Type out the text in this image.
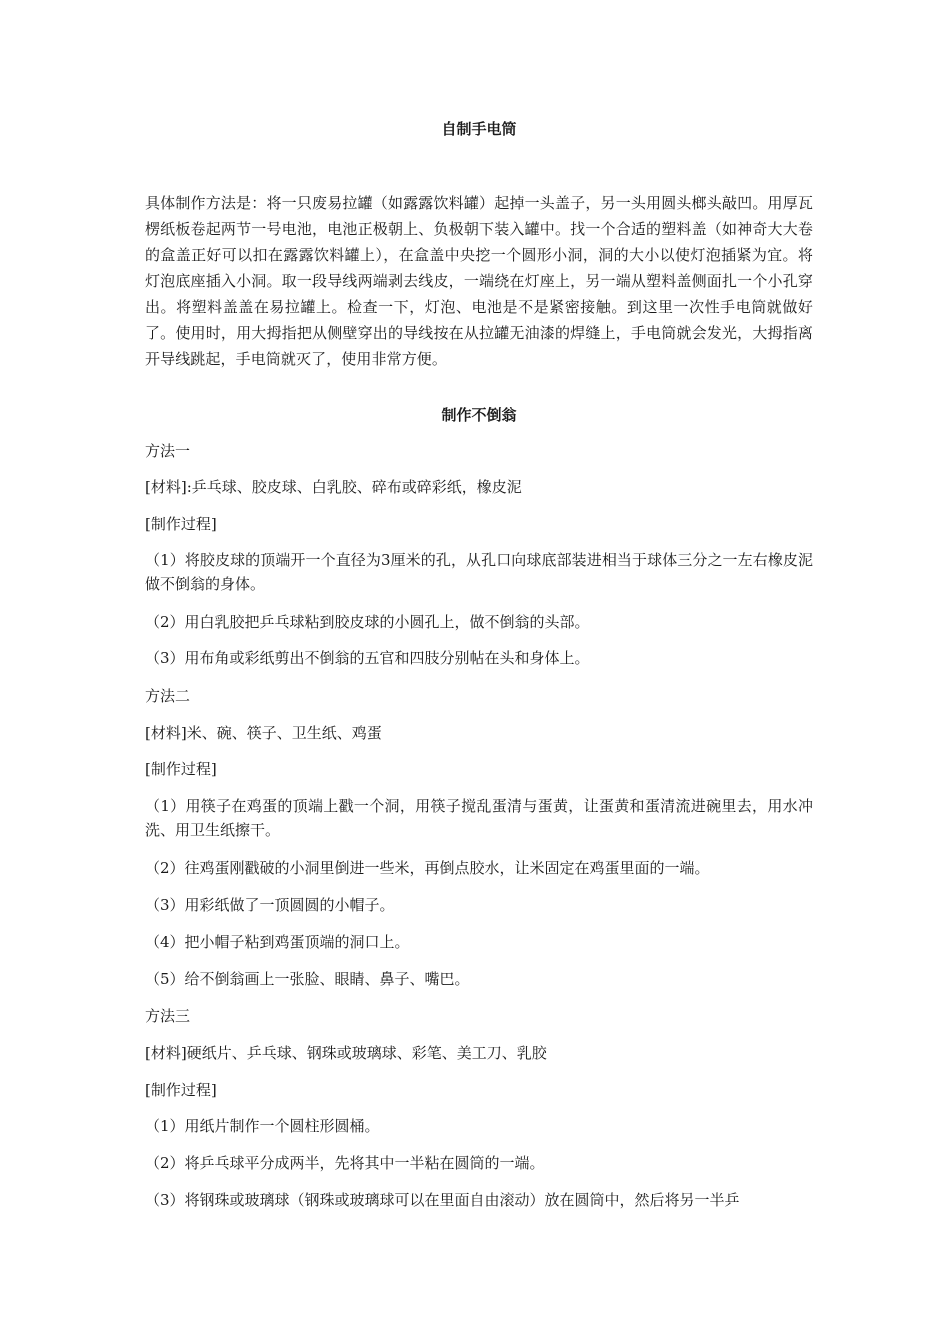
自制手电筒
具体制作方法是：将一只废易拉罐（如露露饮料罐）起掉一头盖子，另一头用圆头榔头敲凹。用厚瓦楞纸板卷起两节一号电池，电池正极朝上、负极朝下装入罐中。找一个合适的塑料盖（如神奇大大卷的盒盖正好可以扣在露露饮料罐上），在盒盖中央挖一个圆形小洞，洞的大小以使灯泡插紧为宜。将灯泡底座插入小洞。取一段导线两端剥去线皮，一端绕在灯座上，另一端从塑料盖侧面扎一个小孔穿出。将塑料盖盖在易拉罐上。检查一下，灯泡、电池是不是紧密接触。到这里一次性手电筒就做好了。使用时，用大拇指把从侧壁穿出的导线按在从拉罐无油漆的焊缝上，手电筒就会发光，大拇指离开导线跳起，手电筒就灭了，使用非常方便。
制作不倒翁
方法一
[材料]:乒乓球、胶皮球、白乳胶、碎布或碎彩纸，橡皮泥
[制作过程]
（1）将胶皮球的顶端开一个直径为3厘米的孔，从孔口向球底部装进相当于球体三分之一左右橡皮泥做不倒翁的身体。
（2）用白乳胶把乒乓球粘到胶皮球的小圆孔上，做不倒翁的头部。
（3）用布角或彩纸剪出不倒翁的五官和四肢分别帖在头和身体上。
方法二
[材料]米、碗、筷子、卫生纸、鸡蛋
[制作过程]
（1）用筷子在鸡蛋的顶端上戳一个洞，用筷子搅乱蛋清与蛋黄，让蛋黄和蛋清流进碗里去，用水冲洗、用卫生纸擦干。
（2）往鸡蛋刚戳破的小洞里倒进一些米，再倒点胶水，让米固定在鸡蛋里面的一端。
（3）用彩纸做了一顶圆圆的小帽子。
（4）把小帽子粘到鸡蛋顶端的洞口上。
（5）给不倒翁画上一张脸、眼睛、鼻子、嘴巴。
方法三
[材料]硬纸片、乒乓球、钢珠或玻璃球、彩笔、美工刀、乳胶
[制作过程]
（1）用纸片制作一个圆柱形圆桶。
（2）将乒乓球平分成两半，先将其中一半粘在圆筒的一端。
（3）将钢珠或玻璃球（钢珠或玻璃球可以在里面自由滚动）放在圆筒中，然后将另一半乒
